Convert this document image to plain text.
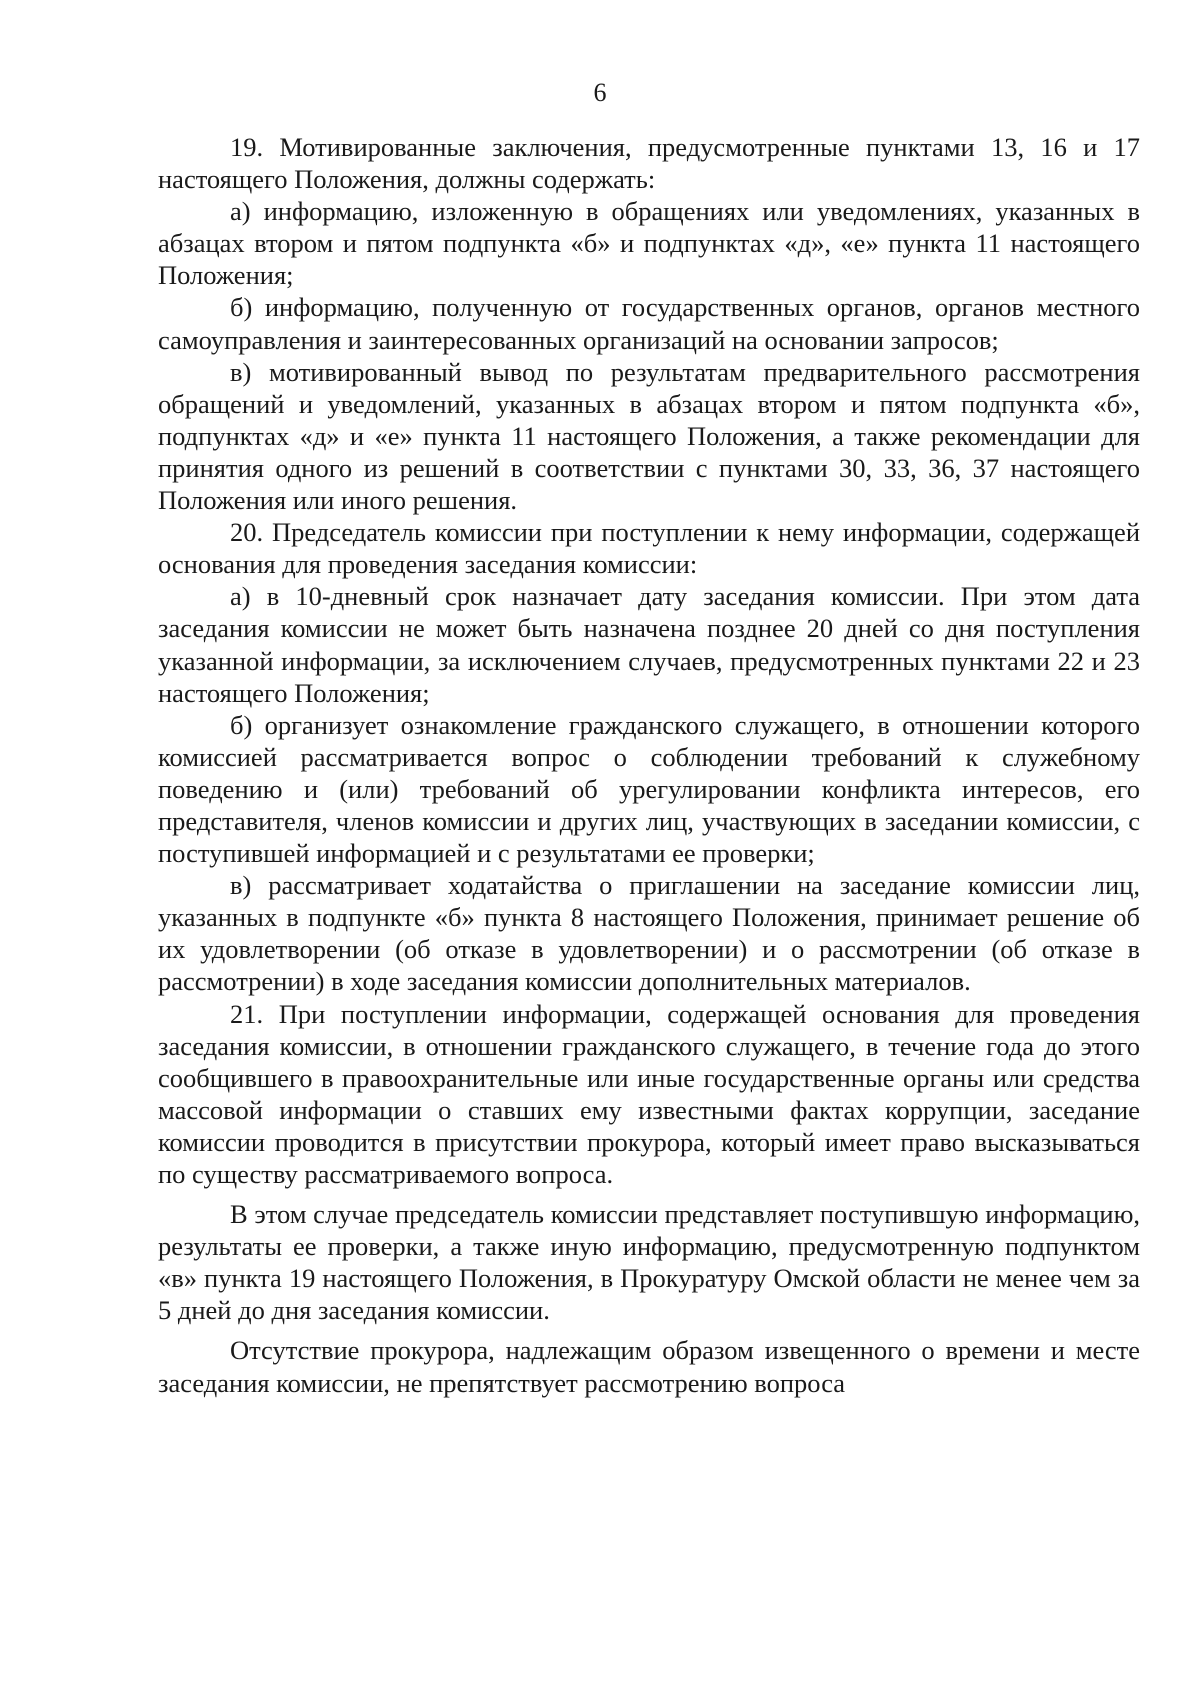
6

19. Мотивированные заключения, предусмотренные пунктами 13, 16 и 17 настоящего Положения, должны содержать:

а) информацию, изложенную в обращениях или уведомлениях, указанных в абзацах втором и пятом подпункта «б» и подпунктах «д», «е» пункта 11 настоящего Положения;

б) информацию, полученную от государственных органов, органов местного самоуправления и заинтересованных организаций на основании запросов;

в) мотивированный вывод по результатам предварительного рассмотрения обращений и уведомлений, указанных в абзацах втором и пятом подпункта «б», подпунктах «д» и «е» пункта 11 настоящего Положения, а также рекомендации для принятия одного из решений в соответствии с пунктами 30, 33, 36, 37 настоящего Положения или иного решения.

20. Председатель комиссии при поступлении к нему информации, содержащей основания для проведения заседания комиссии:

а) в 10-дневный срок назначает дату заседания комиссии. При этом дата заседания комиссии не может быть назначена позднее 20 дней со дня поступления указанной информации, за исключением случаев, предусмотренных пунктами 22 и 23 настоящего Положения;

б) организует ознакомление гражданского служащего, в отношении которого комиссией рассматривается вопрос о соблюдении требований к служебному поведению и (или) требований об урегулировании конфликта интересов, его представителя, членов комиссии и других лиц, участвующих в заседании комиссии, с поступившей информацией и с результатами ее проверки;

в) рассматривает ходатайства о приглашении на заседание комиссии лиц, указанных в подпункте «б» пункта 8 настоящего Положения, принимает решение об их удовлетворении (об отказе в удовлетворении) и о рассмотрении (об отказе в рассмотрении) в ходе заседания комиссии дополнительных материалов.

21. При поступлении информации, содержащей основания для проведения заседания комиссии, в отношении гражданского служащего, в течение года до этого сообщившего в правоохранительные или иные государственные органы или средства массовой информации о ставших ему известными фактах коррупции, заседание комиссии проводится в присутствии прокурора, который имеет право высказываться по существу рассматриваемого вопроса.

В этом случае председатель комиссии представляет поступившую информацию, результаты ее проверки, а также иную информацию, предусмотренную подпунктом «в» пункта 19 настоящего Положения, в Прокуратуру Омской области не менее чем за 5 дней до дня заседания комиссии.

Отсутствие прокурора, надлежащим образом извещенного о времени и месте заседания комиссии, не препятствует рассмотрению вопроса
